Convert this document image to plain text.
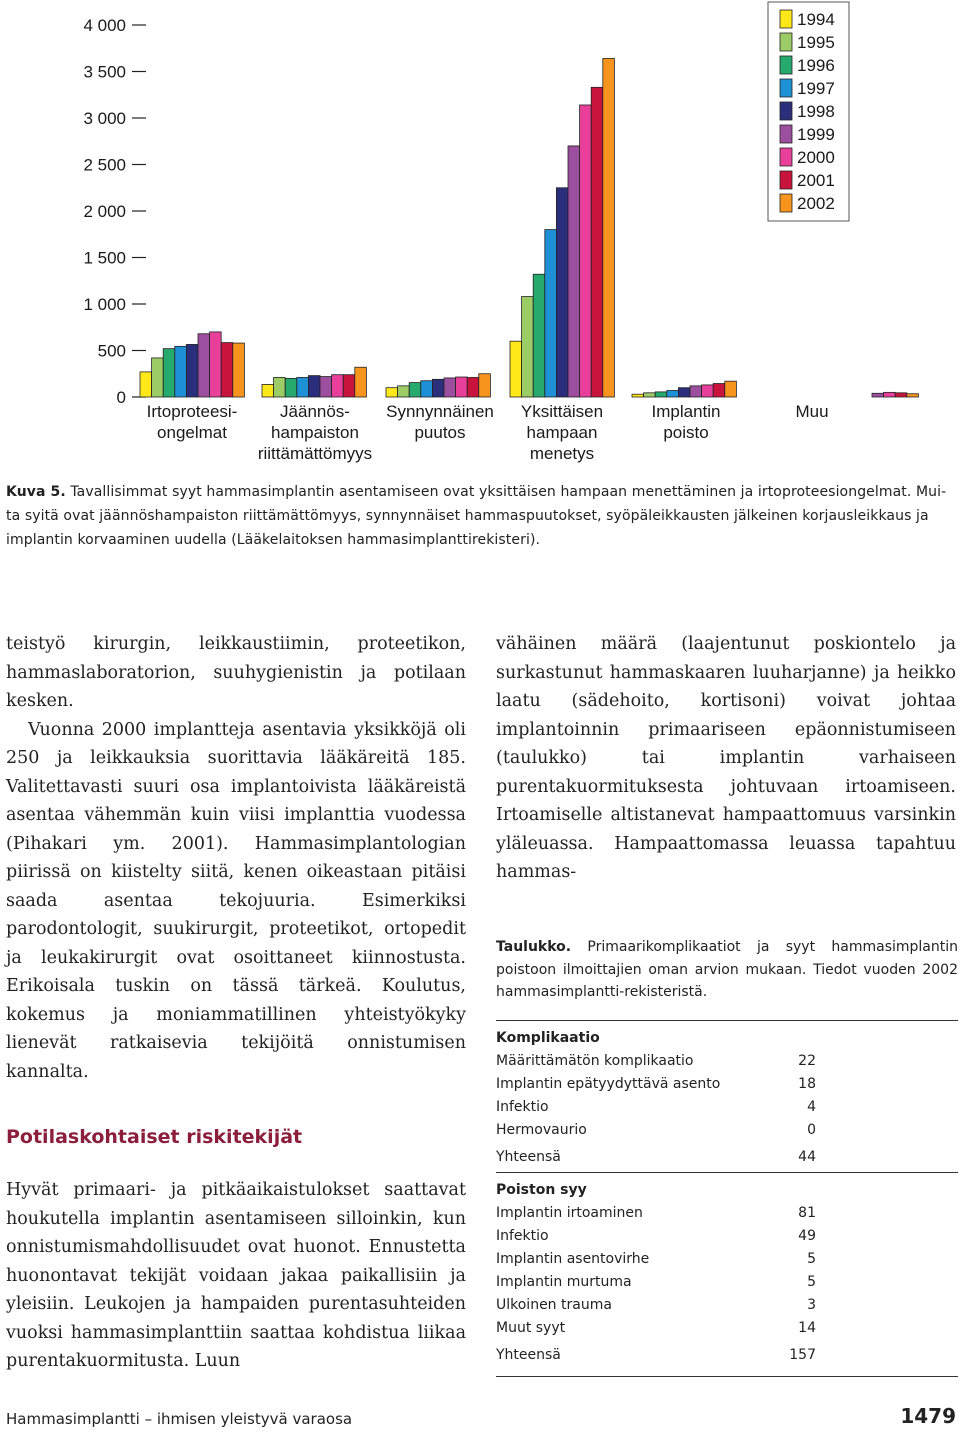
0
500
1 000
1 500
2 000
2 500
3 000
3 500
4 000
Irtoproteesi-
ongelmat
Jäännös-
hampaiston
riittämättömyys
Synnynnäinen
puutos
Yksittäisen
hampaan
menetys
Implantin
poisto
Muu
1994
1995
1996
1997
1998
1999
2000
2001
2002
Kuva 5. Tavallisimmat syyt hammasimplantin asentamiseen ovat yksittäisen hampaan menettäminen ja irtoproteesiongelmat. Mui-
ta syitä ovat jäännöshampaiston riittämättömyys, synnynnäiset hammaspuutokset, syöpäleikkausten jälkeinen korjausleikkaus ja
implantin korvaaminen uudella (Lääkelaitoksen hammasimplanttirekisteri).

teistyö kirurgin, leikkaustiimin, proteetikon, hammaslaboratorion, suuhygienistin ja potilaan kesken.

Vuonna 2000 implantteja asentavia yksikköjä oli 250 ja leikkauksia suorittavia lääkäreitä 185. Valitettavasti suuri osa implantoivista lääkäreistä asentaa vähemmän kuin viisi implanttia vuodessa (Pihakari ym. 2001). Hammasimplantologian piirissä on kiistelty siitä, kenen oikeastaan pitäisi saada asentaa tekojuuria. Esimerkiksi parodontologit, suukirurgit, proteetikot, ortopedit ja leukakirurgit ovat osoittaneet kiinnostusta. Erikoisala tuskin on tässä tärkeä. Koulutus, kokemus ja moniammatillinen yhteistyökyky lienevät ratkaisevia tekijöitä onnistumisen kannalta.

Potilaskohtaiset riskitekijät

Hyvät primaari- ja pitkäaikaistulokset saattavat houkutella implantin asentamiseen silloinkin, kun onnistumismahdollisuudet ovat huonot. Ennustetta huonontavat tekijät voidaan jakaa paikallisiin ja yleisiin. Leukojen ja hampaiden purentasuhteiden vuoksi hammasimplanttiin saattaa kohdistua liikaa purentakuormitusta. Luun

vähäinen määrä (laajentunut poskiontelo ja surkastunut hammaskaaren luuharjanne) ja heikko laatu (sädehoito, kortisoni) voivat johtaa implantoinnin primaariseen epäonnistumiseen (taulukko) tai implantin varhaiseen purentakuormituksesta johtuvaan irtoamiseen. Irtoamiselle altistanevat hampaattomuus varsinkin yläleuassa. Hampaattomassa leuassa tapahtuu hammas-

Taulukko. Primaarikomplikaatiot ja syyt hammasimplantin poistoon ilmoittajien oman arvion mukaan. Tiedot vuoden 2002 hammasimplantti-rekisteristä.
Komplikaatio
Määrittämätön komplikaatio	22
Implantin epätyydyttävä asento	18
Infektio	4
Hermovaurio	0
Yhteensä	44
Poiston syy
Implantin irtoaminen	81
Infektio	49
Implantin asentovirhe	5
Implantin murtuma	5
Ulkoinen trauma	3
Muut syyt	14
Yhteensä	157
Hammasimplantti – ihmisen yleistyvä varaosa	1479
